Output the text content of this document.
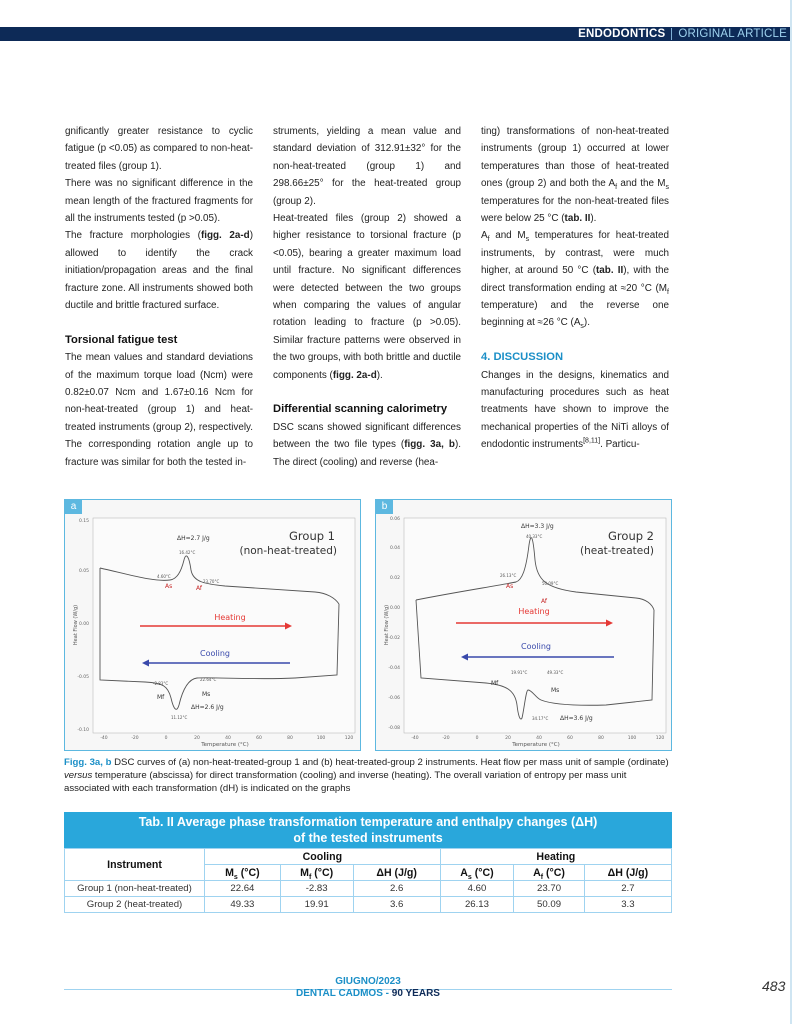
ENDODONTICS ORIGINAL ARTICLE

gnificantly greater resistance to cyclic fatigue (p <0.05) as compared to non-heat-treated files (group 1).

There was no significant difference in the mean length of the fractured fragments for all the instruments tested (p >0.05).

The fracture morphologies (figg. 2a-d) allowed to identify the crack initiation/propagation areas and the final fracture zone. All instruments showed both ductile and brittle fractured surface.

Torsional fatigue test

The mean values and standard deviations of the maximum torque load (Ncm) were 0.82±0.07 Ncm and 1.67±0.16 Ncm for non-heat-treated (group 1) and heat-treated instruments (group 2), respectively. The corresponding rotation angle up to fracture was similar for both the tested in-

struments, yielding a mean value and standard deviation of 312.91±32° for the non-heat-treated (group 1) and 298.66±25° for the heat-treated group (group 2).

Heat-treated files (group 2) showed a higher resistance to torsional fracture (p <0.05), bearing a greater maximum load until fracture. No significant differences were detected between the two groups when comparing the values of angular rotation leading to fracture (p >0.05). Similar fracture patterns were observed in the two groups, with both brittle and ductile components (figg. 2a-d).

Differential scanning calorimetry

DSC scans showed significant differences between the two file types (figg. 3a, b). The direct (cooling) and reverse (hea-

ting) transformations of non-heat-treated instruments (group 1) occurred at lower temperatures than those of heat-treated ones (group 2) and both the $A_f$ and the $M_s$ temperatures for the non-heat-treated files were below 25 °C (tab. II).

$A_f$ and $M_s$ temperatures for heat-treated instruments, by contrast, were much higher, at around 50 °C (tab. II), with the direct transformation ending at ≈20 °C ($M_f$ temperature) and the reverse one beginning at ≈26 °C $(A_s)$.

4. DISCUSSION

Changes in the designs, kinematics and manufacturing procedures such as heat treatments have shown to improve the mechanical properties of the NiTi alloys of endodontic instruments[8,11]. Particu-

0.15
0.05
0.00
-0.05
-0.10
-40	-20	0	20	40	60	80	100	120
Heat Flow (W/g)
Temperature (°C)
Heating
Cooling
Group 1
(non-heat-treated)
ΔH=2.7 J/g
16.42°C
4.60°C
23.70°C
As	Af
-2.83°C
22.64°C
Mf	Ms
ΔH=2.6 J/g
11.12°C
a
0.06
0.04
0.02
0.00
-0.02
-0.04
-0.06
-0.08
-40	-20	0	20	40	60	80	100	120
Heat Flow (W/g)
Temperature (°C)
Heating
Cooling
Group 2
(heat-treated)
ΔH=3.3 J/g
40.33°C
26.13°C
50.09°C
As
Af
19.91°C	49.33°C
Mf
Ms
ΔH=3.6 J/g
34.17°C
b
Figg. 3a, b DSC curves of (a) non-heat-treated-group 1 and (b) heat-treated-group 2 instruments. Heat flow per mass unit of sample (ordinate) versus temperature (abscissa) for direct transformation (cooling) and inverse (heating). The overall variation of entropy per mass unit associated with each transformation (dH) is indicated on the graphs
Tab. II Average phase transformation temperature and enthalpy changes (ΔH)
of the tested instruments
Instrument	Cooling			Heating		
	$M_s$ (°C)	$M_f$ (°C)	ΔH (J/g)	$A_s$ (°C)	$A_f$ (°C)	ΔH (J/g)
Group 1 (non-heat-treated)	22.64	-2.83	2.6	4.60	23.70	2.7
Group 2 (heat-treated)	49.33	19.91	3.6	26.13	50.09	3.3
GIUGNO/2023
DENTAL CADMOS - 90 YEARS	483
